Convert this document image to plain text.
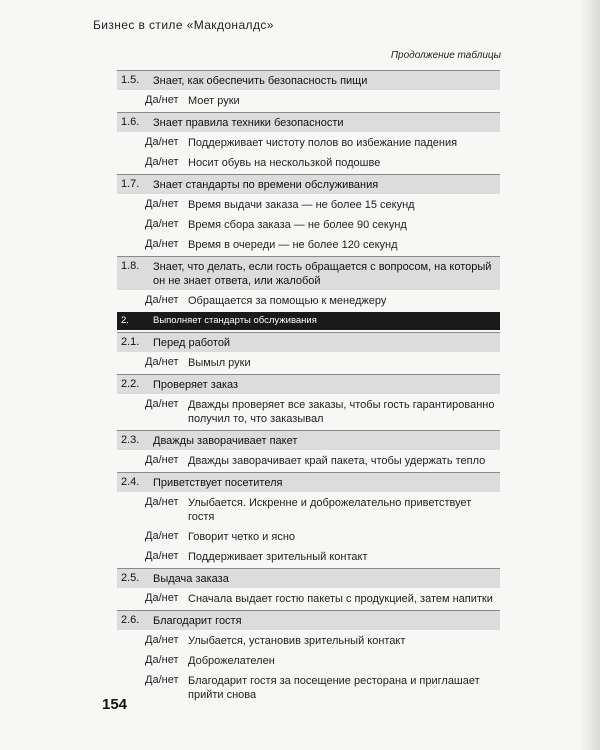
Бизнес в стиле «Макдоналдс»
Продолжение таблицы
1.5.	Знает, как обеспечить безопасность пищи
Да/нет Моет руки
1.6.	Знает правила техники безопасности
Да/нет Поддерживает чистоту полов во избежание падения
Да/нет Носит обувь на нескользкой подошве
1.7.	Знает стандарты по времени обслуживания
Да/нет Время выдачи заказа — не более 15 секунд
Да/нет Время сбора заказа — не более 90 секунд
Да/нет Время в очереди — не более 120 секунд
1.8.	Знает, что делать, если гость обращается с вопросом, на который он не знает ответа, или жалобой
Да/нет Обращается за помощью к менеджеру
2.	Выполняет стандарты обслуживания
2.1.	Перед работой
Да/нет Вымыл руки
2.2.	Проверяет заказ
Да/нет Дважды проверяет все заказы, чтобы гость гарантированно получил то, что заказывал
2.3.	Дважды заворачивает пакет
Да/нет Дважды заворачивает край пакета, чтобы удержать тепло
2.4.	Приветствует посетителя
Да/нет Улыбается. Искренне и доброжелательно приветствует гостя
Да/нет Говорит четко и ясно
Да/нет Поддерживает зрительный контакт
2.5.	Выдача заказа
Да/нет Сначала выдает гостю пакеты с продукцией, затем напитки
2.6.	Благодарит гостя
Да/нет Улыбается, установив зрительный контакт
Да/нет Доброжелателен
Да/нет Благодарит гостя за посещение ресторана и приглашает прийти снова
154
